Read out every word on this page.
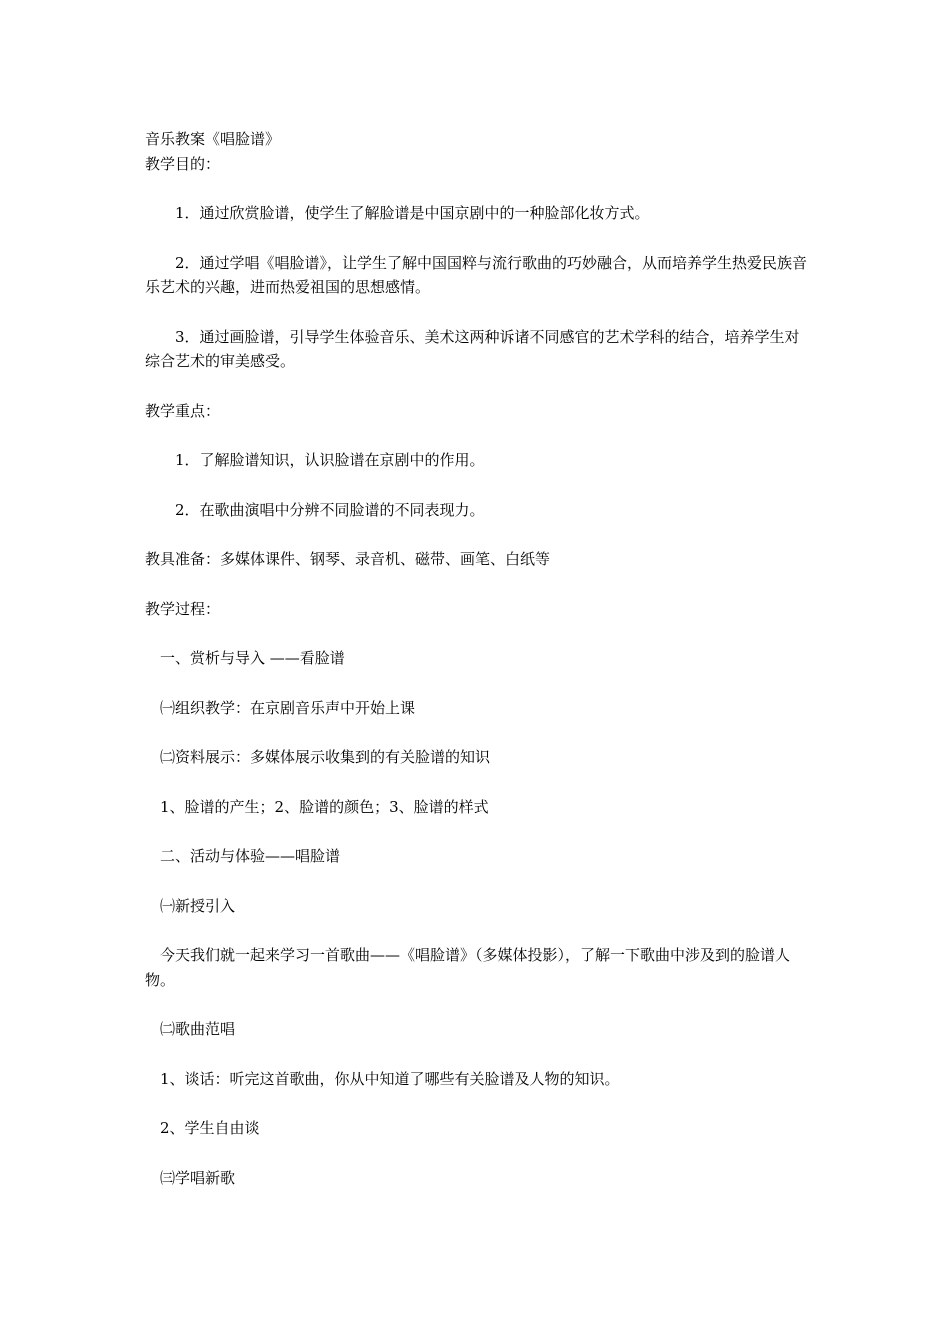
音乐教案《唱脸谱》

教学目的：

　　1．通过欣赏脸谱，使学生了解脸谱是中国京剧中的一种脸部化妆方式。

　　2．通过学唱《唱脸谱》，让学生了解中国国粹与流行歌曲的巧妙融合，从而培养学生热爱民族音乐艺术的兴趣，进而热爱祖国的思想感情。

　　3．通过画脸谱，引导学生体验音乐、美术这两种诉诸不同感官的艺术学科的结合，培养学生对综合艺术的审美感受。

教学重点：

　　1．了解脸谱知识，认识脸谱在京剧中的作用。

　　2．在歌曲演唱中分辨不同脸谱的不同表现力。

教具准备：多媒体课件、钢琴、录音机、磁带、画笔、白纸等

教学过程：

　一、赏析与导入 ——看脸谱

　㈠组织教学：在京剧音乐声中开始上课

　㈡资料展示：多媒体展示收集到的有关脸谱的知识

　1、脸谱的产生；2、脸谱的颜色；3、脸谱的样式

　二、活动与体验——唱脸谱

　㈠新授引入

　今天我们就一起来学习一首歌曲——《唱脸谱》（多媒体投影），了解一下歌曲中涉及到的脸谱人物。

　㈡歌曲范唱

　1、谈话：听完这首歌曲，你从中知道了哪些有关脸谱及人物的知识。

　2、学生自由谈

　㈢学唱新歌
